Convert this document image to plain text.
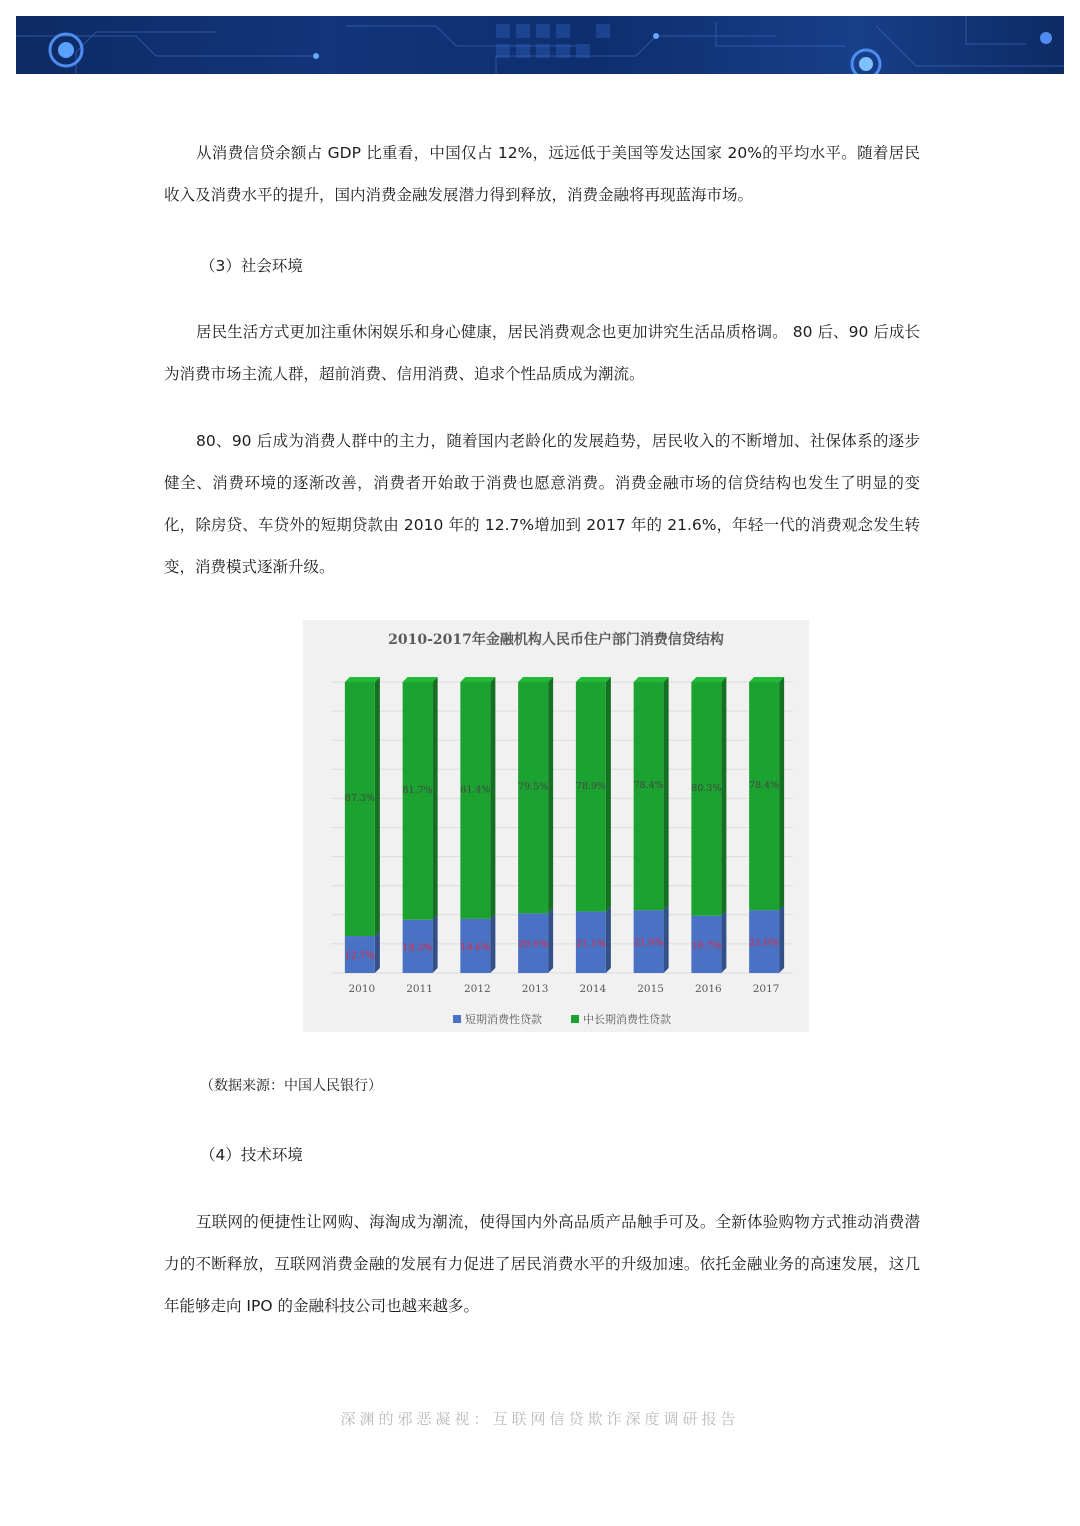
从消费信贷余额占 GDP 比重看，中国仅占 12%，远远低于美国等发达国家 20%的平均水平。随着居民收入及消费水平的提升，国内消费金融发展潜力得到释放，消费金融将再现蓝海市场。

（3）社会环境

居民生活方式更加注重休闲娱乐和身心健康，居民消费观念也更加讲究生活品质格调。 80 后、90 后成长为消费市场主流人群，超前消费、信用消费、追求个性品质成为潮流。

80、90 后成为消费人群中的主力，随着国内老龄化的发展趋势，居民收入的不断增加、社保体系的逐步健全、消费环境的逐渐改善，消费者开始敢于消费也愿意消费。消费金融市场的信贷结构也发生了明显的变化，除房贷、车贷外的短期贷款由 2010 年的 12.7%增加到 2017 年的 21.6%，年轻一代的消费观念发生转变，消费模式逐渐升级。

2010-2017年金融机构人民币住户部门消费信贷结构
87.3%
12.7%
81.7%
18.3%
81.4%
18.6%
79.5%
20.5%
78.9%
21.1%
78.4%
21.6%
80.3%
19.7%
78.4%
21.6%
2010	2011	2012	2013	2014	2015	2016	2017
短期消费性贷款	中长期消费性贷款

（数据来源：中国人民银行）

（4）技术环境

互联网的便捷性让网购、海淘成为潮流，使得国内外高品质产品触手可及。全新体验购物方式推动消费潜力的不断释放，互联网消费金融的发展有力促进了居民消费水平的升级加速。依托金融业务的高速发展，这几年能够走向 IPO 的金融科技公司也越来越多。

深渊的邪恶凝视：互联网信贷欺诈深度调研报告
